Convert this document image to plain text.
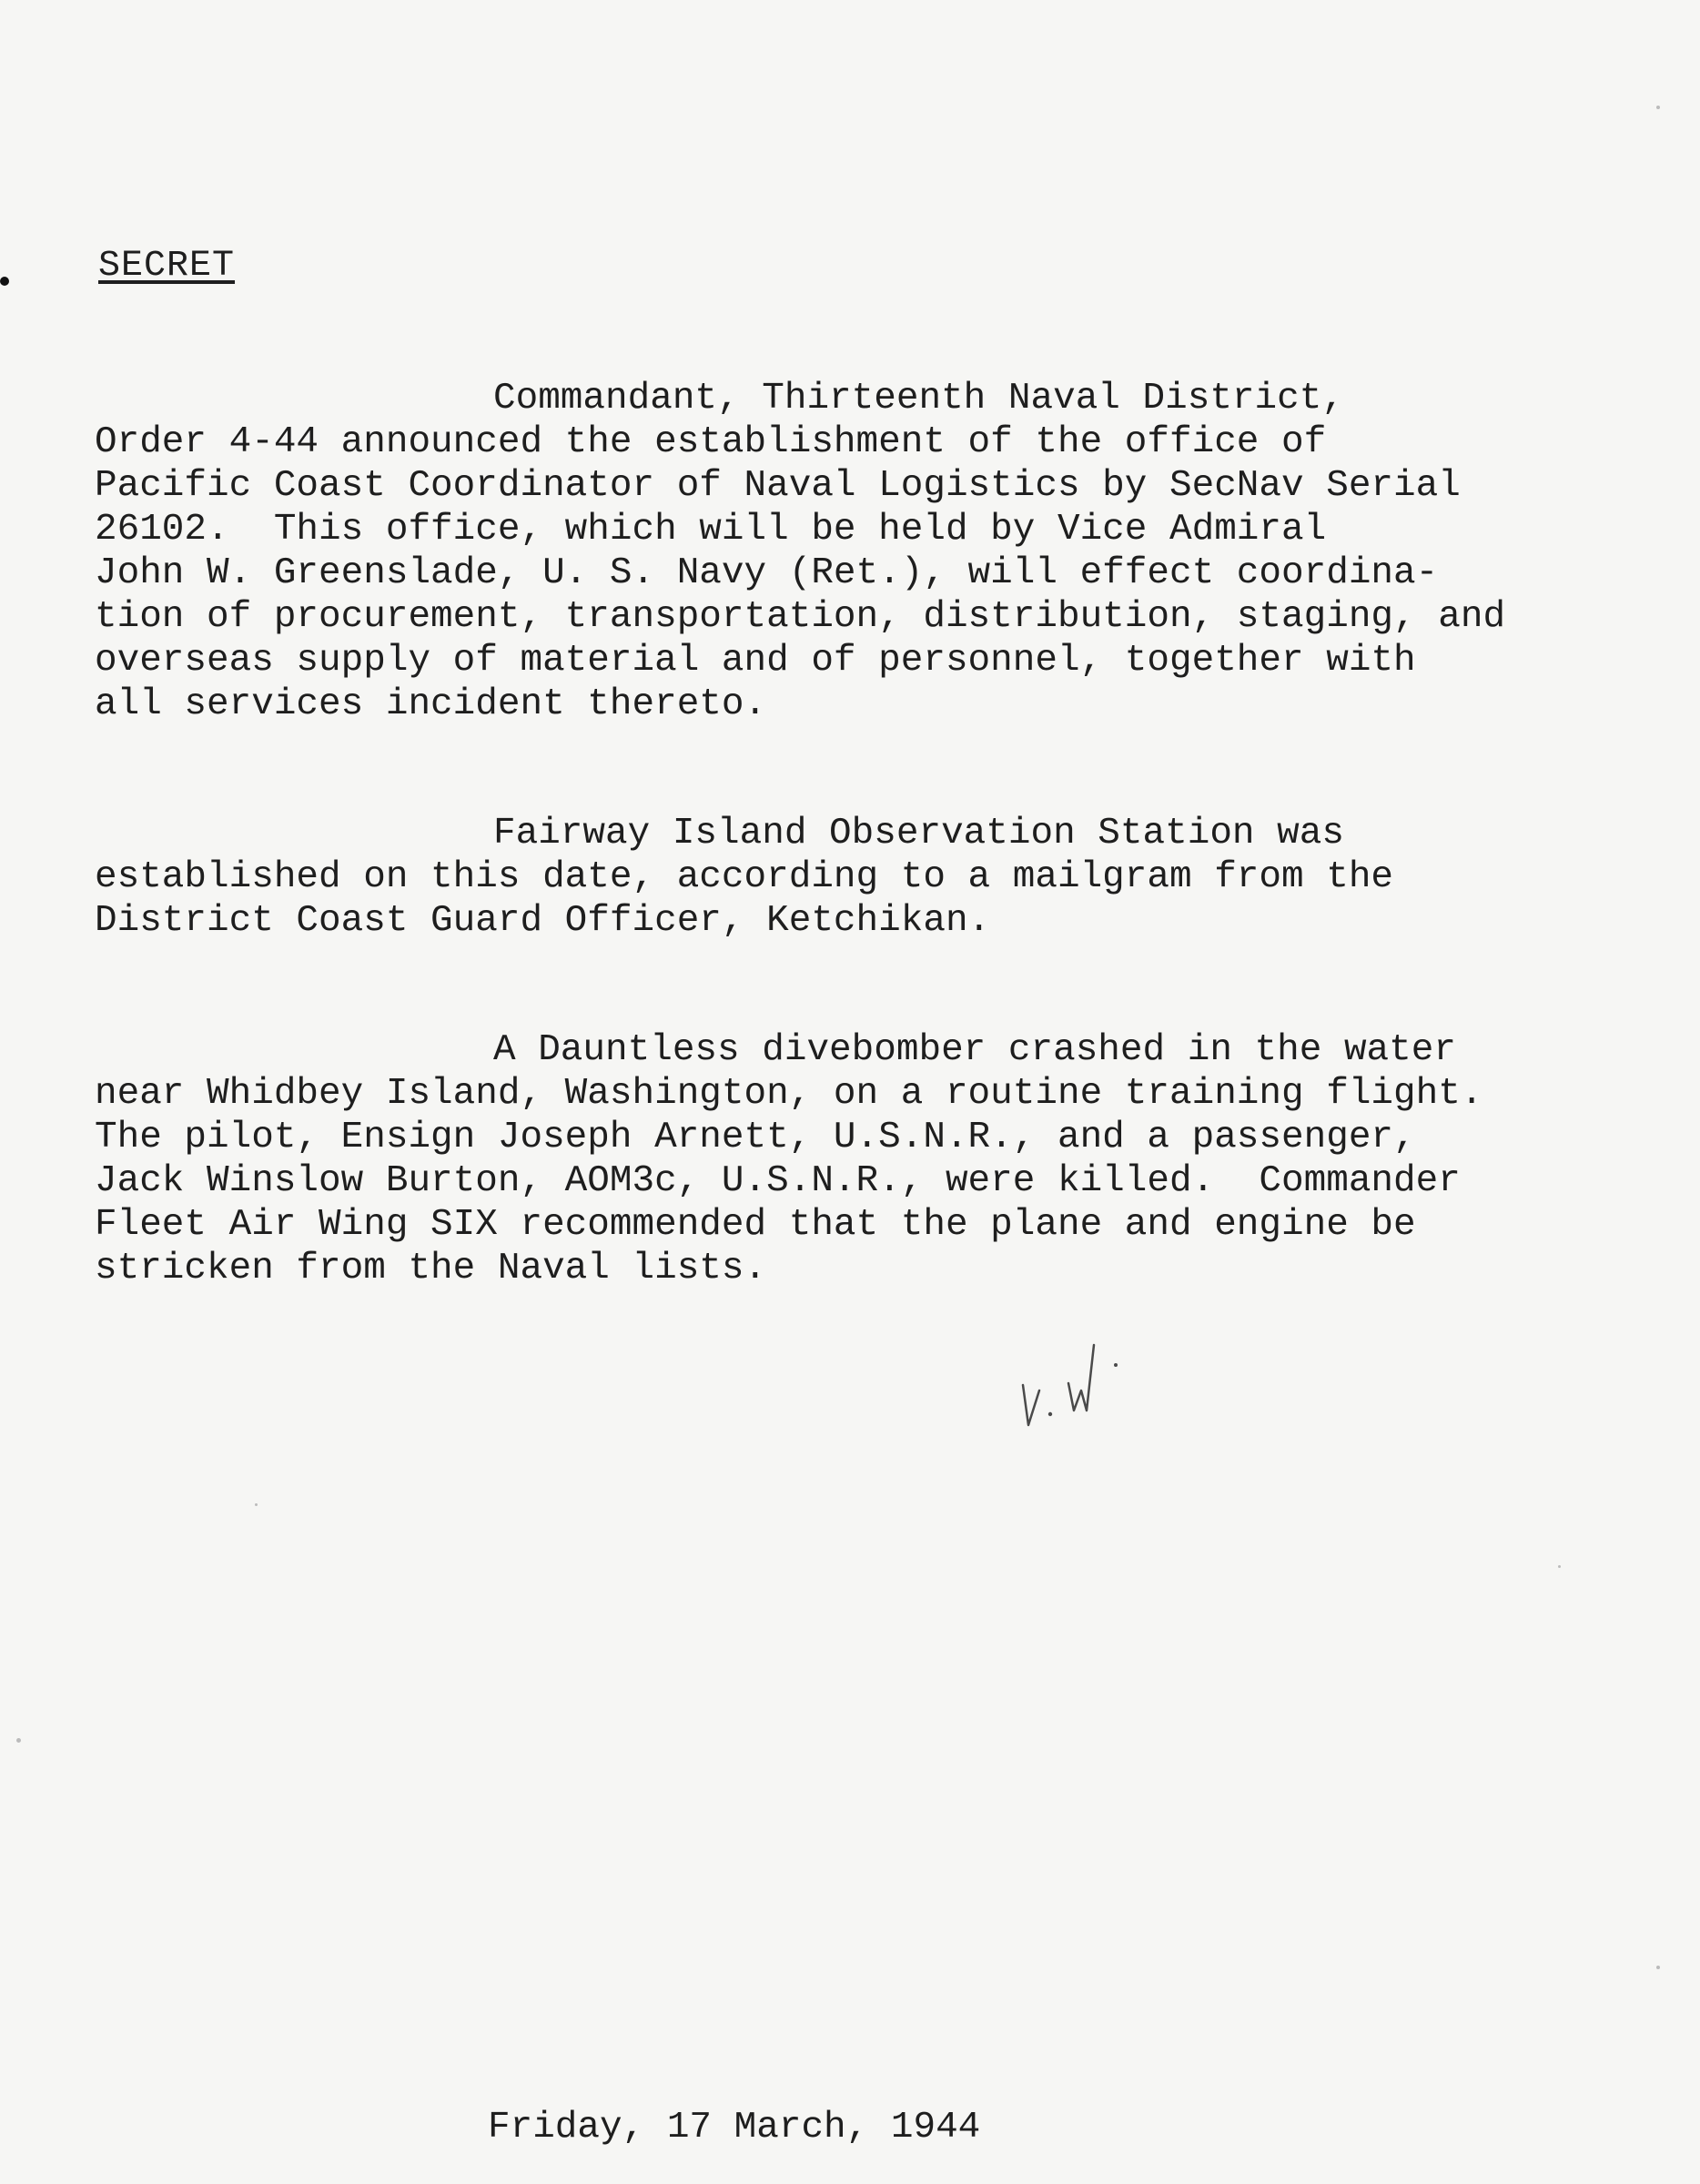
SECRET
Commandant, Thirteenth Naval District,
Order 4-44 announced the establishment of the office of
Pacific Coast Coordinator of Naval Logistics by SecNav Serial
26102.  This office, which will be held by Vice Admiral
John W. Greenslade, U. S. Navy (Ret.), will effect coordina-
tion of procurement, transportation, distribution, staging, and
overseas supply of material and of personnel, together with
all services incident thereto.
Fairway Island Observation Station was
established on this date, according to a mailgram from the
District Coast Guard Officer, Ketchikan.
A Dauntless divebomber crashed in the water
near Whidbey Island, Washington, on a routine training flight.
The pilot, Ensign Joseph Arnett, U.S.N.R., and a passenger,
Jack Winslow Burton, AOM3c, U.S.N.R., were killed.  Commander
Fleet Air Wing SIX recommended that the plane and engine be
stricken from the Naval lists.
Friday, 17 March, 1944
